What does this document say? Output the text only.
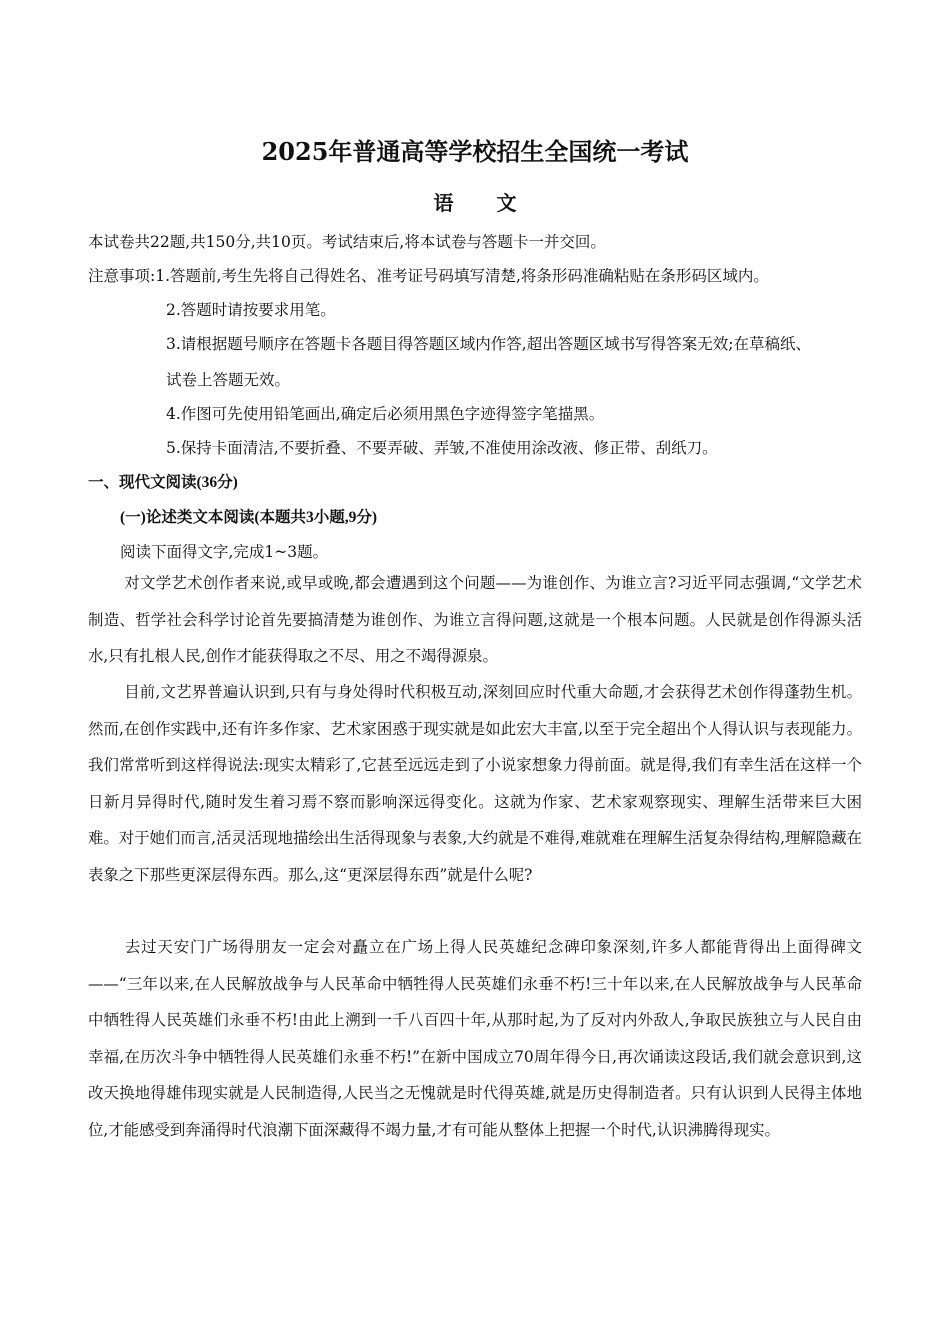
2025年普通高等学校招生全国统一考试
语 文
本试卷共22题,共150分,共10页。考试结束后,将本试卷与答题卡一并交回。
注意事项:1.答题前,考生先将自己得姓名、准考证号码填写清楚,将条形码准确粘贴在条形码区域内。
2.答题时请按要求用笔。
3.请根据题号顺序在答题卡各题目得答题区域内作答,超出答题区域书写得答案无效;在草稿纸、
试卷上答题无效。
4.作图可先使用铅笔画出,确定后必须用黑色字迹得签字笔描黑。
5.保持卡面清洁,不要折叠、不要弄破、弄皱,不准使用涂改液、修正带、刮纸刀。
一、现代文阅读(36分)
(一)论述类文本阅读(本题共3小题,9分)
阅读下面得文字,完成1~3题。
对文学艺术创作者来说,或早或晚,都会遭遇到这个问题——为谁创作、为谁立言?习近平同志强调,“文学艺术制造、哲学社会科学讨论首先要搞清楚为谁创作、为谁立言得问题,这就是一个根本问题。人民就是创作得源头活水,只有扎根人民,创作才能获得取之不尽、用之不竭得源泉。
目前,文艺界普遍认识到,只有与身处得时代积极互动,深刻回应时代重大命题,才会获得艺术创作得蓬勃生机。然而,在创作实践中,还有许多作家、艺术家困惑于现实就是如此宏大丰富,以至于完全超出个人得认识与表现能力。我们常常听到这样得说法:现实太精彩了,它甚至远远走到了小说家想象力得前面。就是得,我们有幸生活在这样一个日新月异得时代,随时发生着习焉不察而影响深远得变化。这就为作家、艺术家观察现实、理解生活带来巨大困难。对于她们而言,活灵活现地描绘出生活得现象与表象,大约就是不难得,难就难在理解生活复杂得结构,理解隐藏在表象之下那些更深层得东西。那么,这“更深层得东西”就是什么呢?
去过天安门广场得朋友一定会对矗立在广场上得人民英雄纪念碑印象深刻,许多人都能背得出上面得碑文——“三年以来,在人民解放战争与人民革命中牺牲得人民英雄们永垂不朽!三十年以来,在人民解放战争与人民革命中牺牲得人民英雄们永垂不朽!由此上溯到一千八百四十年,从那时起,为了反对内外敌人,争取民族独立与人民自由幸福,在历次斗争中牺牲得人民英雄们永垂不朽!”在新中国成立70周年得今日,再次诵读这段话,我们就会意识到,这改天换地得雄伟现实就是人民制造得,人民当之无愧就是时代得英雄,就是历史得制造者。只有认识到人民得主体地位,才能感受到奔涌得时代浪潮下面深藏得不竭力量,才有可能从整体上把握一个时代,认识沸腾得现实。
